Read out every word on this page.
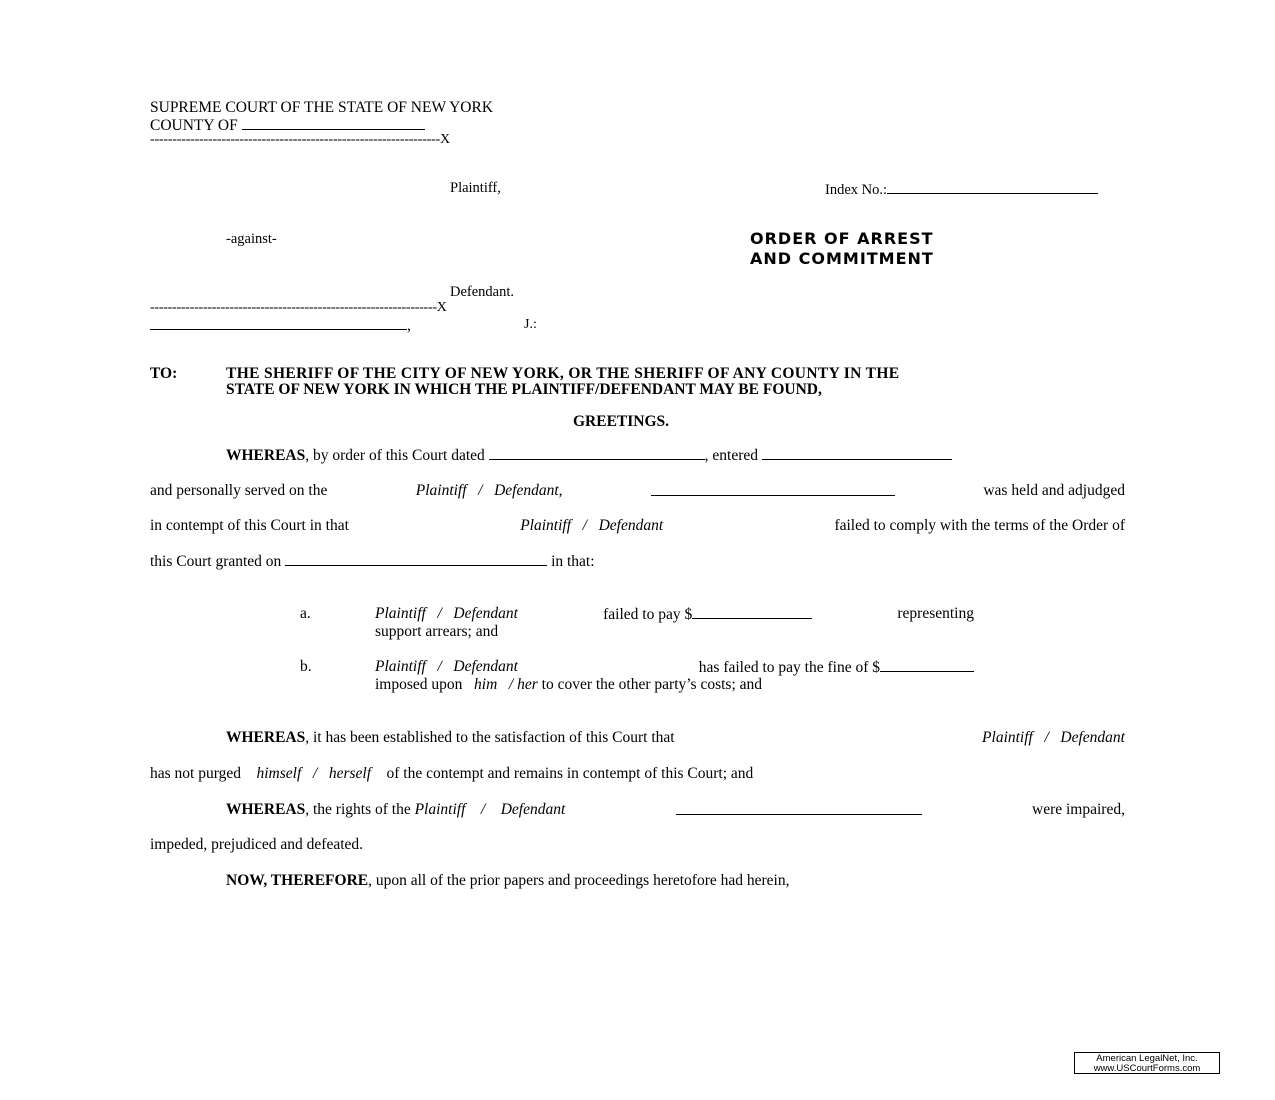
SUPREME COURT OF THE STATE OF NEW YORK
COUNTY OF
-----------------------------------------------------------------X
Plaintiff,	Index No.:
-against-	ORDER OF ARREST
AND COMMITMENT
Defendant.
-----------------------------------------------------------------X
,	J.:
TO:	THE SHERIFF OF THE CITY OF NEW YORK, OR THE SHERIFF OF ANY COUNTY IN THE
STATE OF NEW YORK IN WHICH THE PLAINTIFF/DEFENDANT MAY BE FOUND,
GREETINGS.
WHEREAS, by order of this Court dated	, entered
and personally served on the	Plaintiff / Defendant,	was held and adjudged
in contempt of this Court in that	Plaintiff / Defendant	failed to comply with the terms of the Order of
this Court granted on	in that:
a.	Plaintiff / Defendant	failed to pay $	representing
support arrears; and
b.	Plaintiff / Defendant	has failed to pay the fine of $
imposed upon him / her to cover the other party’s costs; and
WHEREAS, it has been established to the satisfaction of this Court that	Plaintiff / Defendant
has not purged himself / herself of the contempt and remains in contempt of this Court; and
WHEREAS, the rights of the Plaintiff / Defendant	were impaired,
impeded, prejudiced and defeated.
NOW, THEREFORE, upon all of the prior papers and proceedings heretofore had herein,
American LegalNet, Inc.
www.USCourtForms.com
